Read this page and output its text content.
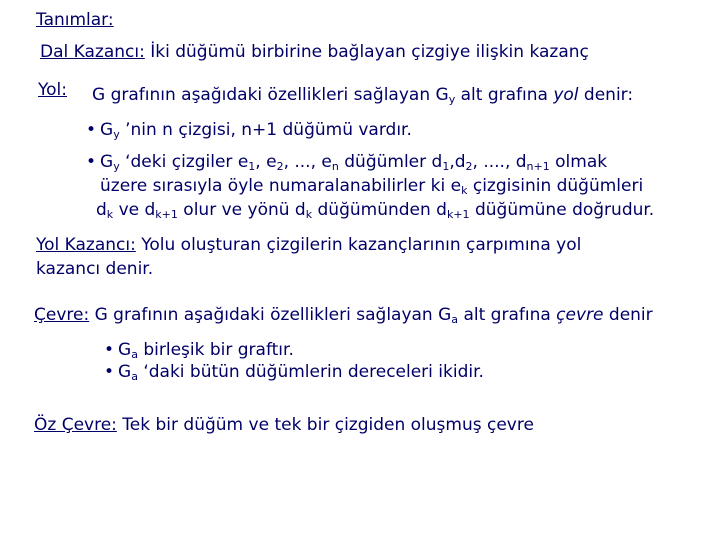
Tanımlar:
Dal Kazancı: İki düğümü birbirine bağlayan çizgiye ilişkin kazanç
Yol: G grafının aşağıdaki özellikleri sağlayan $G_y$ alt grafına yol denir:
• $G_y$ ’nin n çizgisi, n+1 düğümü vardır.
• $G_y$ ‘deki çizgiler $e_1$, $e_2$, ..., $e_n$ düğümler $d_1,d_2$, ...., $d_{n+1}$ olmak
üzere sırasıyla öyle numaralanabilirler ki $e_k$ çizgisinin düğümleri
$d_k$ ve $d_{k+1}$ olur ve yönü $d_k$ düğümünden $d_{k+1}$ düğümüne doğrudur.
Yol Kazancı: Yolu oluşturan çizgilerin kazançlarının çarpımına yol
kazancı denir.
Çevre: G grafının aşağıdaki özellikleri sağlayan $G_a$ alt grafına çevre denir
• $G_a$ birleşik bir graftır.
• $G_a$ ‘daki bütün düğümlerin dereceleri ikidir.
Öz Çevre: Tek bir düğüm ve tek bir çizgiden oluşmuş çevre
